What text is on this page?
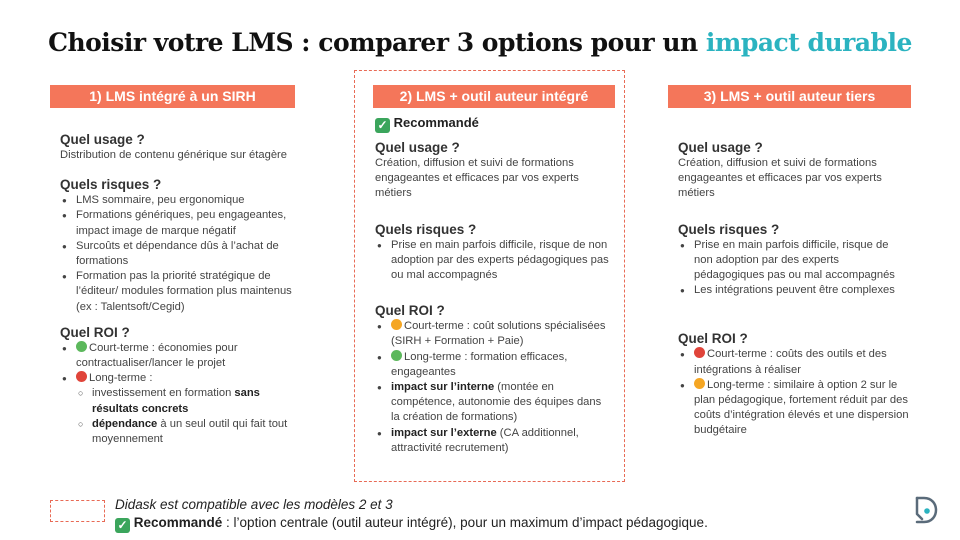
Choisir votre LMS : comparer 3 options pour un impact durable
1) LMS intégré à un SIRH
Quel usage ?

Distribution de contenu générique sur étagère

Quels risques ?
● LMS sommaire, peu ergonomique
● Formations génériques, peu engageantes, impact image de marque négatif
● Surcoûts et dépendance dûs à l’achat de formations
● Formation pas la priorité stratégique de l’éditeur/ modules formation plus maintenus (ex : Talentsoft/Cegid)
Quel ROI ?
● Court-terme : économies pour contractualiser/lancer le projet
● Long-terme :
○ investissement en formation sans résultats concrets
○ dépendance à un seul outil qui fait tout moyennement
2) LMS + outil auteur intégré
✓ Recommandé
Quel usage ?

Création, diffusion et suivi de formations engageantes et efficaces par vos experts métiers

Quels risques ?
● Prise en main parfois difficile, risque de non adoption par des experts pédagogiques pas ou mal accompagnés
Quel ROI ?
● Court-terme : coût solutions spécialisées (SIRH + Formation + Paie)
● Long-terme : formation efficaces, engageantes
● impact sur l’interne (montée en compétence, autonomie des équipes dans la création de formations)
● impact sur l’externe (CA additionnel, attractivité recrutement)
3) LMS + outil auteur tiers
Quel usage ?

Création, diffusion et suivi de formations engageantes et efficaces par vos experts métiers

Quels risques ?
● Prise en main parfois difficile, risque de non adoption par des experts pédagogiques pas ou mal accompagnés
● Les intégrations peuvent être complexes
Quel ROI ?
● Court-terme : coûts des outils et des intégrations à réaliser
● Long-terme : similaire à option 2 sur le plan pédagogique, fortement réduit par des coûts d’intégration élevés et une dispersion budgétaire
Didask est compatible avec les modèles 2 et 3
✓ Recommandé : l’option centrale (outil auteur intégré), pour un maximum d’impact pédagogique.
